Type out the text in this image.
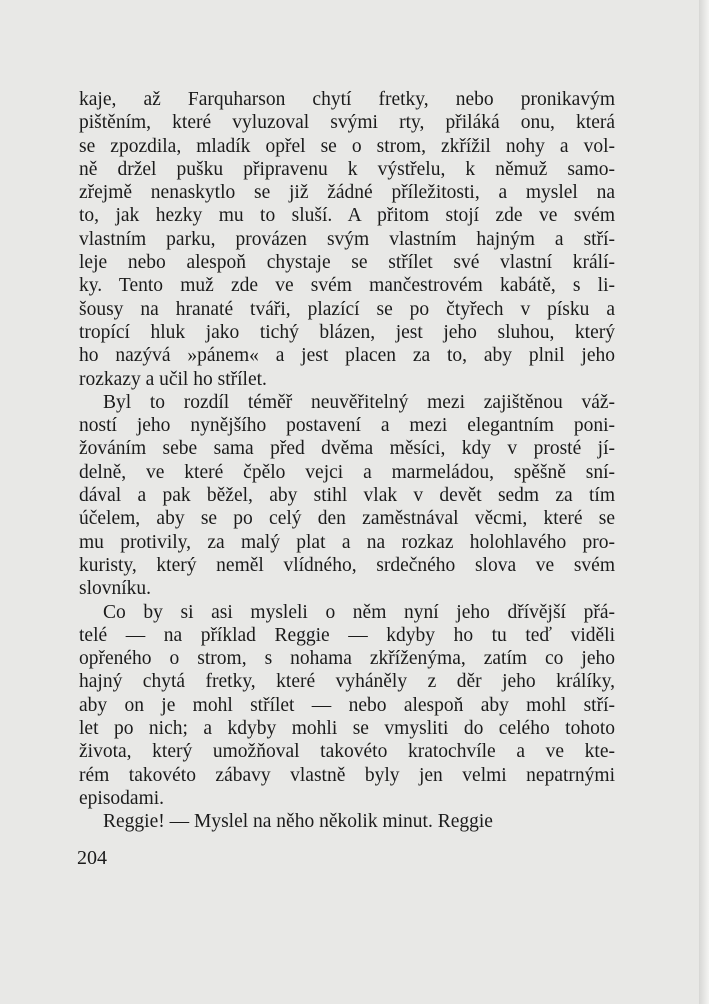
kaje, až Farquharson chytí fretky, nebo pronikavým
pištěním, které vyluzoval svými rty, přiláká onu, která
se zpozdila, mladík opřel se o strom, zkřížil nohy a vol-
ně držel pušku připravenu k výstřelu, k němuž samo-
zřejmě nenaskytlo se již žádné příležitosti, a myslel na
to, jak hezky mu to sluší. A přitom stojí zde ve svém
vlastním parku, provázen svým vlastním hajným a stří-
leje nebo alespoň chystaje se střílet své vlastní králí-
ky. Tento muž zde ve svém mančestrovém kabátě, s li-
šousy na hranaté tváři, plazící se po čtyřech v písku a
tropící hluk jako tichý blázen, jest jeho sluhou, který
ho nazývá »pánem« a jest placen za to, aby plnil jeho
rozkazy a učil ho střílet.
Byl to rozdíl téměř neuvěřitelný mezi zajištěnou váž-
ností jeho nynějšího postavení a mezi elegantním poni-
žováním sebe sama před dvěma měsíci, kdy v prosté jí-
delně, ve které čpělo vejci a marmeládou, spěšně sní-
dával a pak běžel, aby stihl vlak v devět sedm za tím
účelem, aby se po celý den zaměstnával věcmi, které se
mu protivily, za malý plat a na rozkaz holohlavého pro-
kuristy, který neměl vlídného, srdečného slova ve svém
slovníku.
Co by si asi mysleli o něm nyní jeho dřívější přá-
telé — na příklad Reggie — kdyby ho tu teď viděli
opřeného o strom, s nohama zkříženýma, zatím co jeho
hajný chytá fretky, které vyháněly z děr jeho králíky,
aby on je mohl střílet — nebo alespoň aby mohl stří-
let po nich; a kdyby mohli se vmysliti do celého tohoto
života, který umožňoval takovéto kratochvíle a ve kte-
rém takovéto zábavy vlastně byly jen velmi nepatrnými
episodami.
Reggie! — Myslel na něho několik minut. Reggie
204
